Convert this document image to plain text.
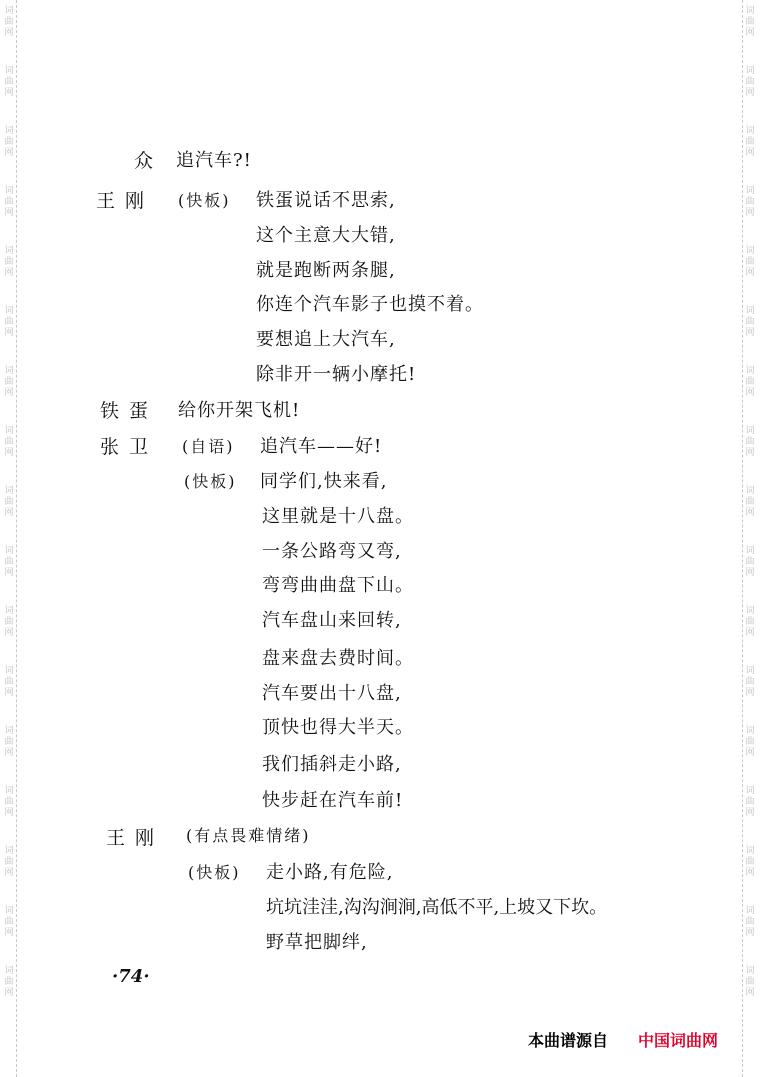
词
曲
网
词
曲
网
词
曲
网
词
曲
网
词
曲
网
词
曲
网
词
曲
网
词
曲
网
词
曲
网
词
曲
网
词
曲
网
词
曲
网
词
曲
网
词
曲
网
词
曲
网
词
曲
网
词
曲
网
词
曲
网
词
曲
网
词
曲
网
词
曲
网
词
曲
网
词
曲
网
词
曲
网
词
曲
网
词
曲
网
词
曲
网
词
曲
网
词
曲
网
词
曲
网
词
曲
网
词
曲
网
词
曲
网
词
曲
网
众 追汽车?!
王 刚 (快板) 铁蛋说话不思索,
这个主意大大错,
就是跑断两条腿,
你连个汽车影子也摸不着。
要想追上大汽车,
除非开一辆小摩托!
铁 蛋 给你开架飞机!
张 卫 (自语) 追汽车——好!
(快板) 同学们,快来看,
这里就是十八盘。
一条公路弯又弯,
弯弯曲曲盘下山。
汽车盘山来回转,
盘来盘去费时间。
汽车要出十八盘,
顶快也得大半天。
我们插斜走小路,
快步赶在汽车前!
王 刚 (有点畏难情绪)
(快板) 走小路,有危险,
坑坑洼洼,沟沟涧涧,高低不平,上坡又下坎。
野草把脚绊,
·74·
本曲谱源自 中国词曲网
